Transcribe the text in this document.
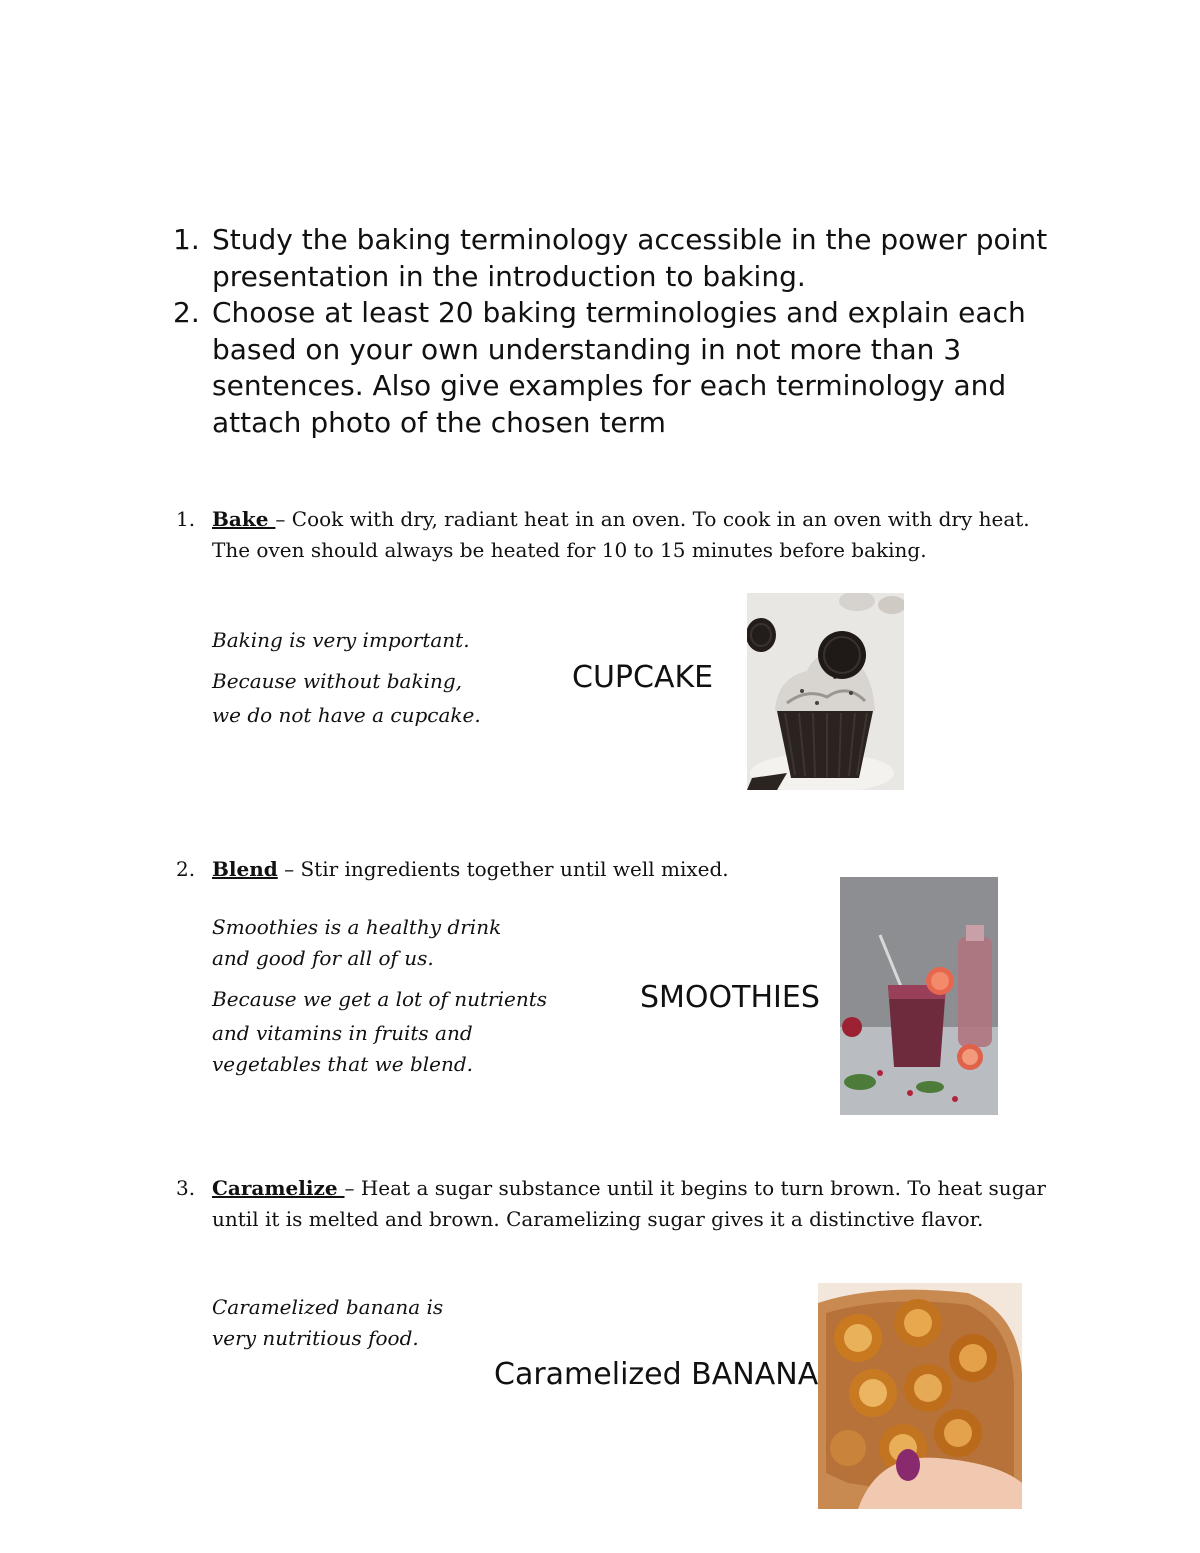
1. Study the baking terminology accessible in the power point presentation in the introduction to baking.
2. Choose at least 20 baking terminologies and explain each based on your own understanding in not more than 3 sentences. Also give examples for each terminology and attach photo of the chosen term
1. Bake – Cook with dry, radiant heat in an oven. To cook in an oven with dry heat. The oven should always be heated for 10 to 15 minutes before baking.
Baking is very important.
Because without baking,
we do not have a cupcake.
CUPCAKE
2. Blend – Stir ingredients together until well mixed.
Smoothies is a healthy drink
and good for all of us.
Because we get a lot of nutrients
and vitamins in fruits and
vegetables that we blend.
SMOOTHIES
3. Caramelize – Heat a sugar substance until it begins to turn brown. To heat sugar until it is melted and brown. Caramelizing sugar gives it a distinctive flavor.
Caramelized banana is
very nutritious food.
Caramelized BANANA
